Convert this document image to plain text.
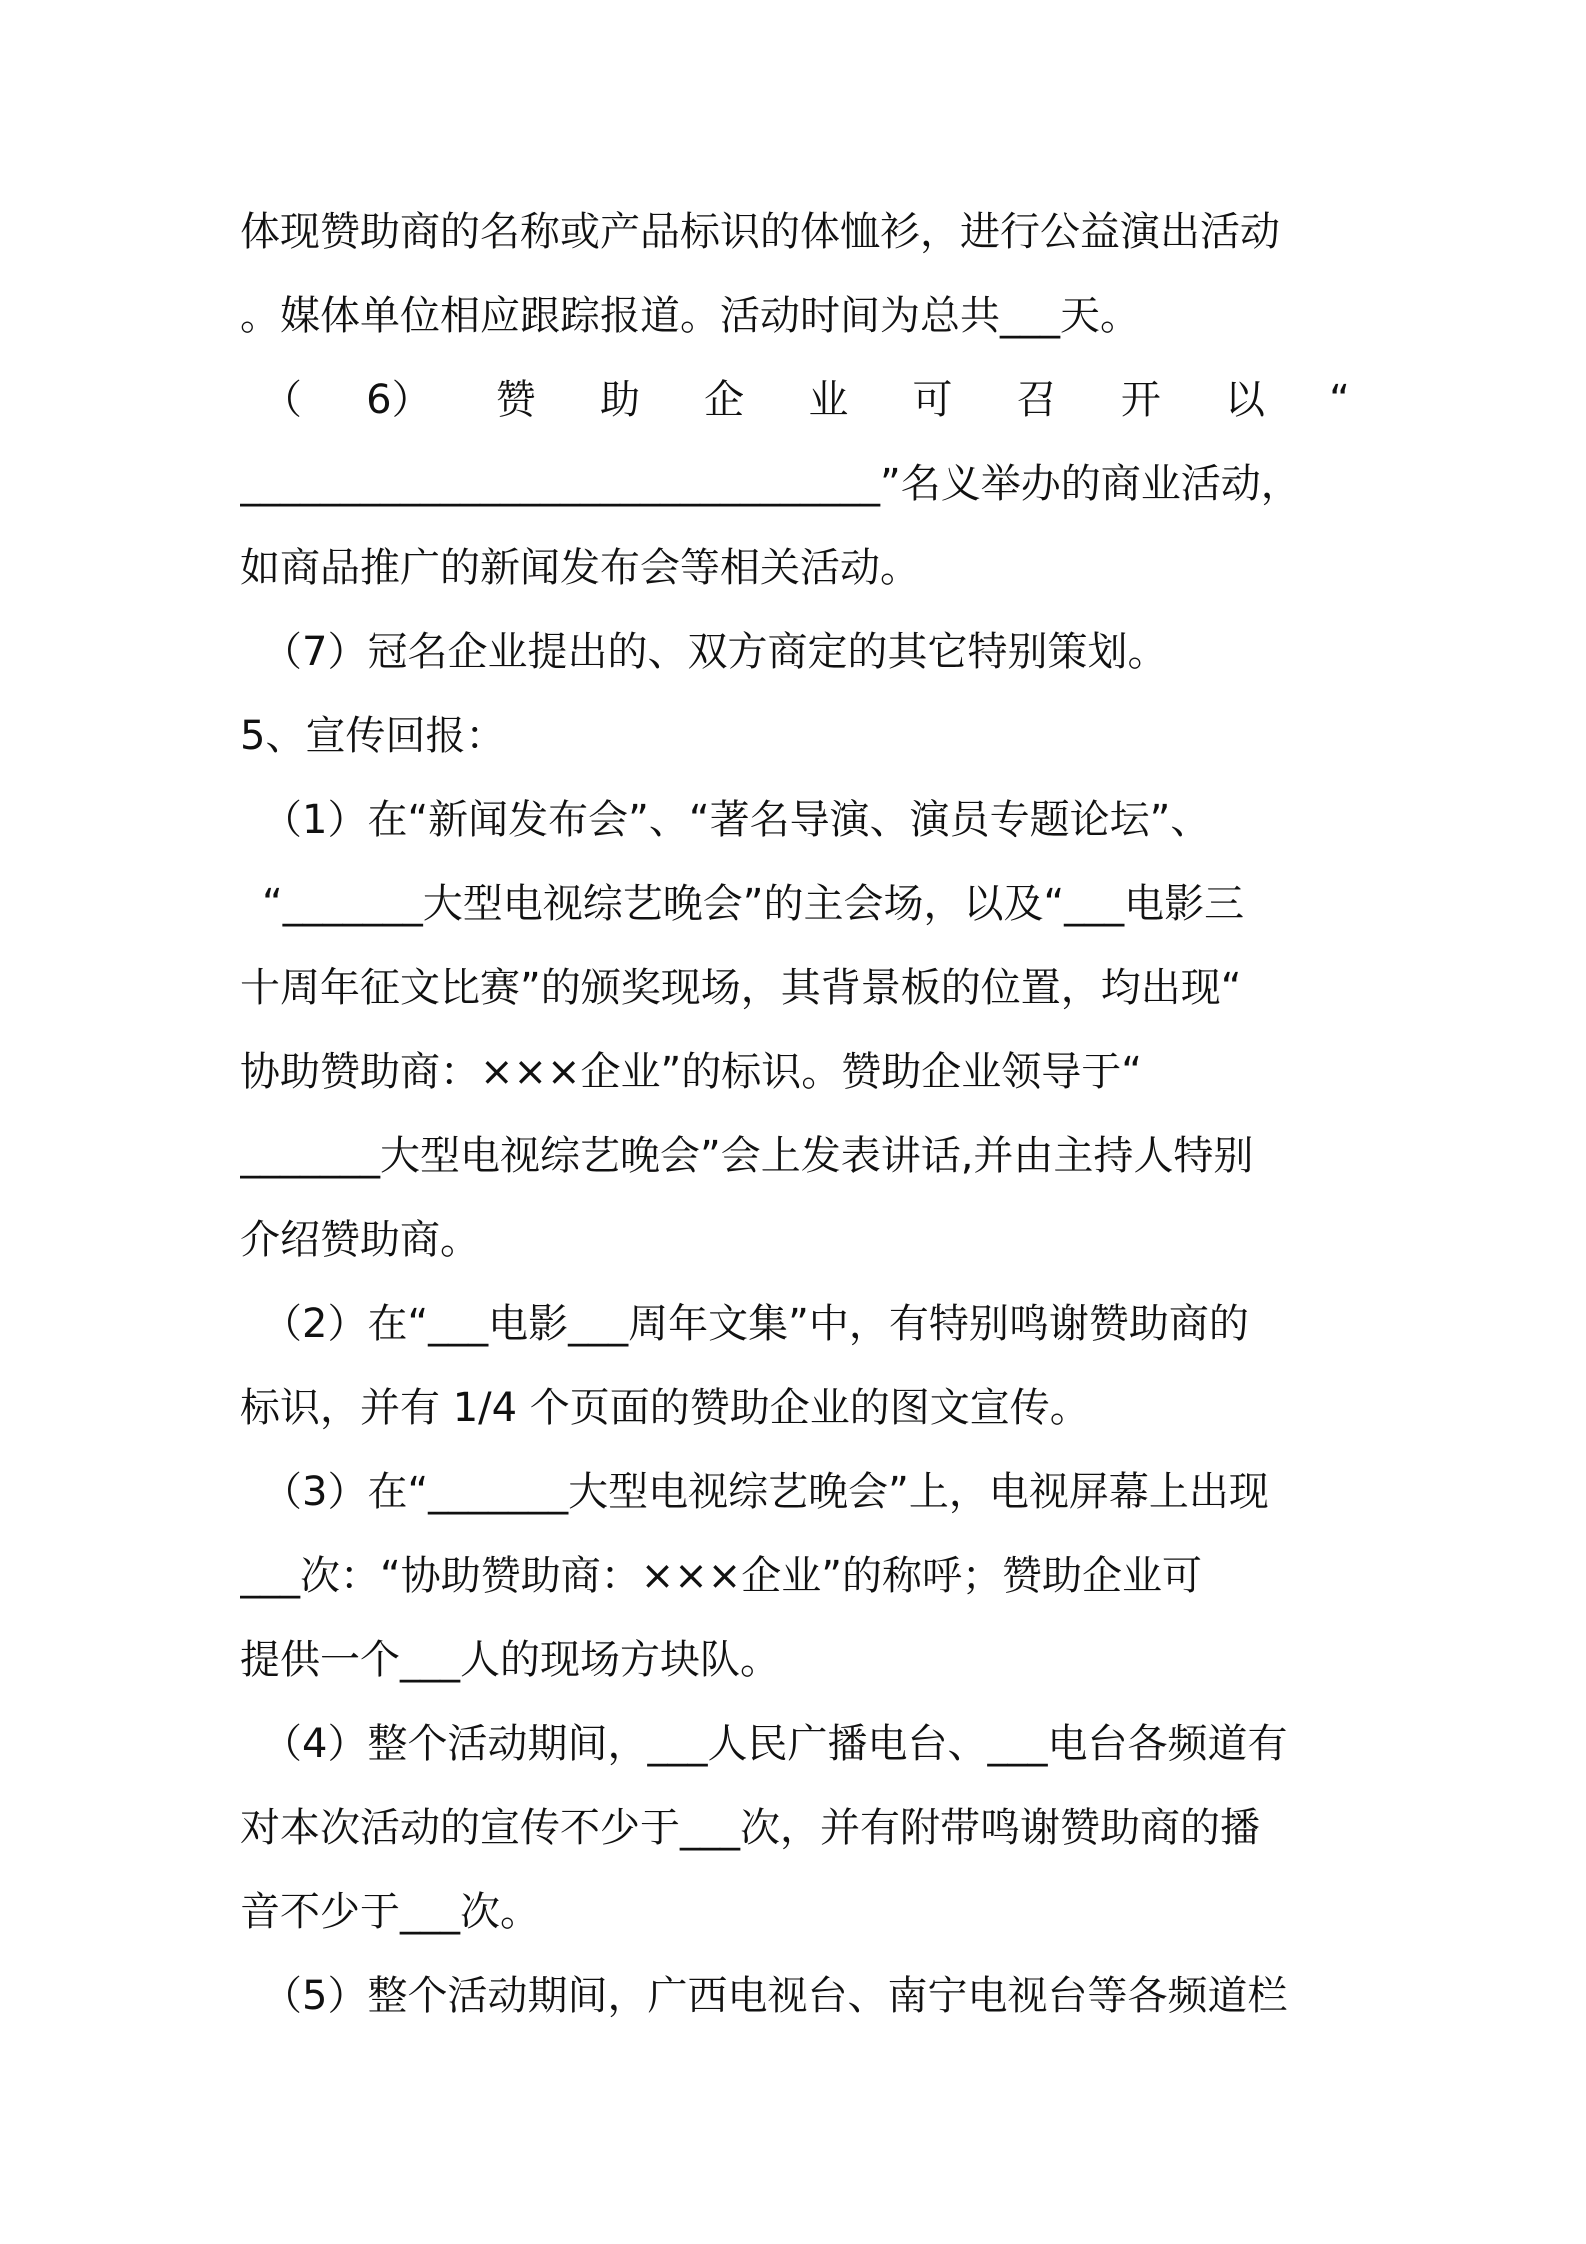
体现赞助商的名称或产品标识的体恤衫，进行公益演出活动
。媒体单位相应跟踪报道。活动时间为总共___天。
（ 6） 赞 助 企 业 可 召 开 以 “
________________________________”名义举办的商业活动，
如商品推广的新闻发布会等相关活动。
（7）冠名企业提出的、双方商定的其它特别策划。
5、宣传回报：
（1）在“新闻发布会”、“著名导演、演员专题论坛”、
“_______大型电视综艺晚会”的主会场，以及“___电影三
十周年征文比赛”的颁奖现场，其背景板的位置，均出现“
协助赞助商：×××企业”的标识。赞助企业领导于“
_______大型电视综艺晚会”会上发表讲话,并由主持人特别
介绍赞助商。
（2）在“___电影___周年文集”中，有特别鸣谢赞助商的
标识，并有 1/4 个页面的赞助企业的图文宣传。
（3）在“_______大型电视综艺晚会”上，电视屏幕上出现
___次：“协助赞助商：×××企业”的称呼；赞助企业可
提供一个___人的现场方块队。
（4）整个活动期间，___人民广播电台、___电台各频道有
对本次活动的宣传不少于___次，并有附带鸣谢赞助商的播
音不少于___次。
（5）整个活动期间，广西电视台、南宁电视台等各频道栏
